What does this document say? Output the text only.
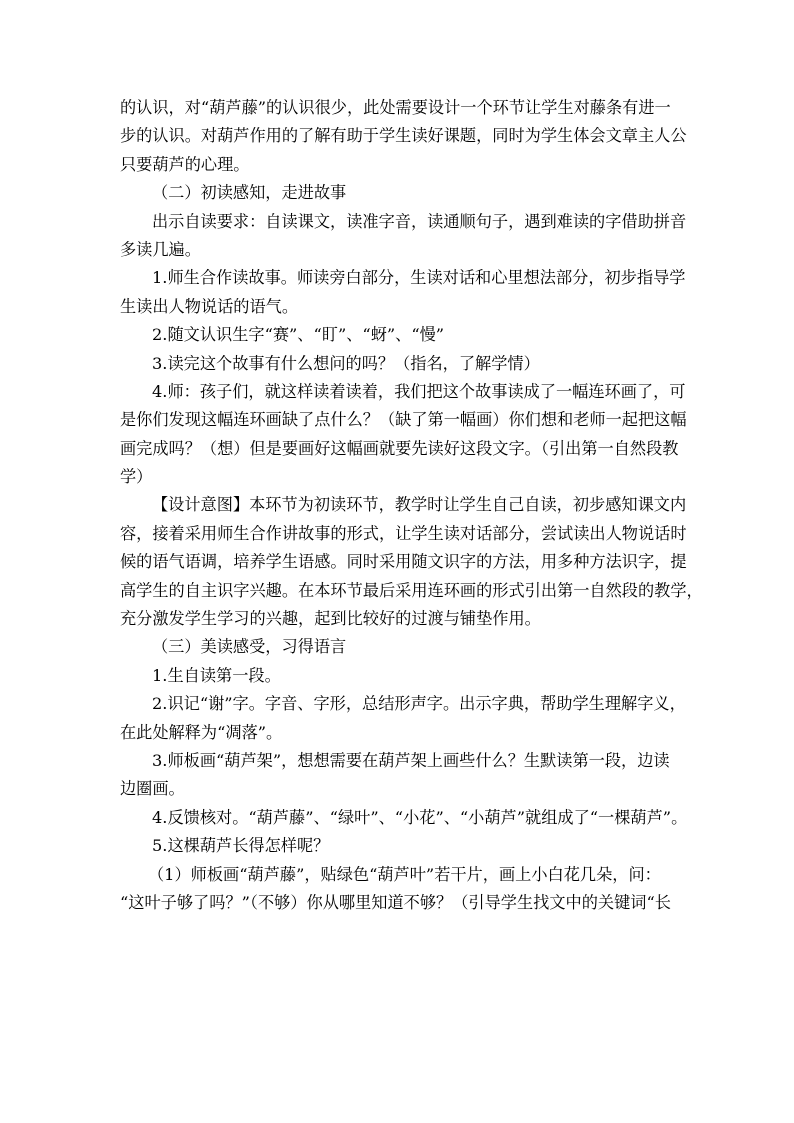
的认识，对“葫芦藤”的认识很少，此处需要设计一个环节让学生对藤条有进一
步的认识。对葫芦作用的了解有助于学生读好课题，同时为学生体会文章主人公
只要葫芦的心理。

（二）初读感知，走进故事

出示自读要求：自读课文，读准字音，读通顺句子，遇到难读的字借助拼音
多读几遍。

1.师生合作读故事。师读旁白部分，生读对话和心里想法部分，初步指导学
生读出人物说话的语气。

2.随文认识生字“赛”、“盯”、“蚜”、“慢”

3.读完这个故事有什么想问的吗？（指名，了解学情）

4.师：孩子们，就这样读着读着，我们把这个故事读成了一幅连环画了，可
是你们发现这幅连环画缺了点什么？（缺了第一幅画）你们想和老师一起把这幅
画完成吗？（想）但是要画好这幅画就要先读好这段文字。（引出第一自然段教
学）

【设计意图】本环节为初读环节，教学时让学生自己自读，初步感知课文内
容，接着采用师生合作讲故事的形式，让学生读对话部分，尝试读出人物说话时
候的语气语调，培养学生语感。同时采用随文识字的方法，用多种方法识字，提
高学生的自主识字兴趣。在本环节最后采用连环画的形式引出第一自然段的教学，
充分激发学生学习的兴趣，起到比较好的过渡与铺垫作用。

（三）美读感受，习得语言

1.生自读第一段。

2.识记“谢”字。字音、字形，总结形声字。出示字典，帮助学生理解字义，
在此处解释为“凋落”。

3.师板画“葫芦架”，想想需要在葫芦架上画些什么？生默读第一段，边读
边圈画。

4.反馈核对。“葫芦藤”、“绿叶”、“小花”、“小葫芦”就组成了“一棵葫芦”。

5.这棵葫芦长得怎样呢？

（1）师板画“葫芦藤”，贴绿色“葫芦叶”若干片，画上小白花几朵，问：
“这叶子够了吗？”（不够）你从哪里知道不够？（引导学生找文中的关键词“长
